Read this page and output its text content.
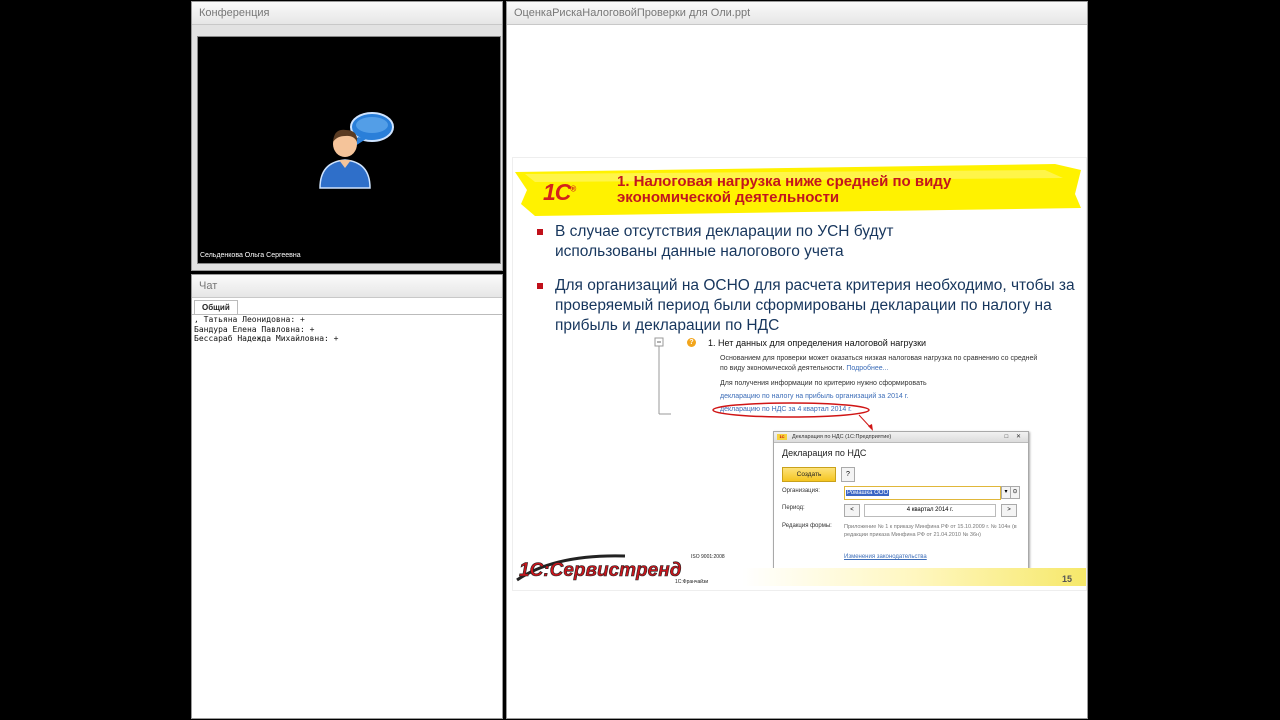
Конференция
Сельденкова Ольга Сергеевна
Чат
Общий
, Татьяна Леонидовна: +
Бандура Елена Павловна: +
Бессараб Надежда Михайловна: +
ОценкаРискаНалоговойПроверки для Оли.ppt
1С®	1. Налоговая нагрузка ниже средней по виду экономической деятельности
В случае отсутствия декларации по УСН будут использованы данные налогового учета
Для организаций на ОСНО для расчета критерия необходимо, чтобы за проверяемый период были сформированы декларации по налогу на прибыль и декларации по НДС
? 1. Нет данных для определения налоговой нагрузки
Основанием для проверки может оказаться низкая налоговая нагрузка по сравнению со средней
по виду экономической деятельности. Подробнее...
Для получения информации по критерию нужно сформировать
декларацию по налогу на прибыль организаций за 2014 г.
декларацию по НДС за 4 квартал 2014 г.
1С	Декларация по НДС (1С:Предприятие)	□ ✕
Декларация по НДС
Создать	?
Организация:	Ромашка ООО	▾ ⊙
Период:	<	4 квартал 2014 г.	>
Редакция формы: Приложение № 1 к приказу Минфина РФ от 15.10.2009 г. № 104н (в редакции приказа Минфина РФ от 21.04.2010 № 36н)
Изменения законодательства
1С:Сервистренд
ISO 9001:2008
1С:Франчайзи	15
